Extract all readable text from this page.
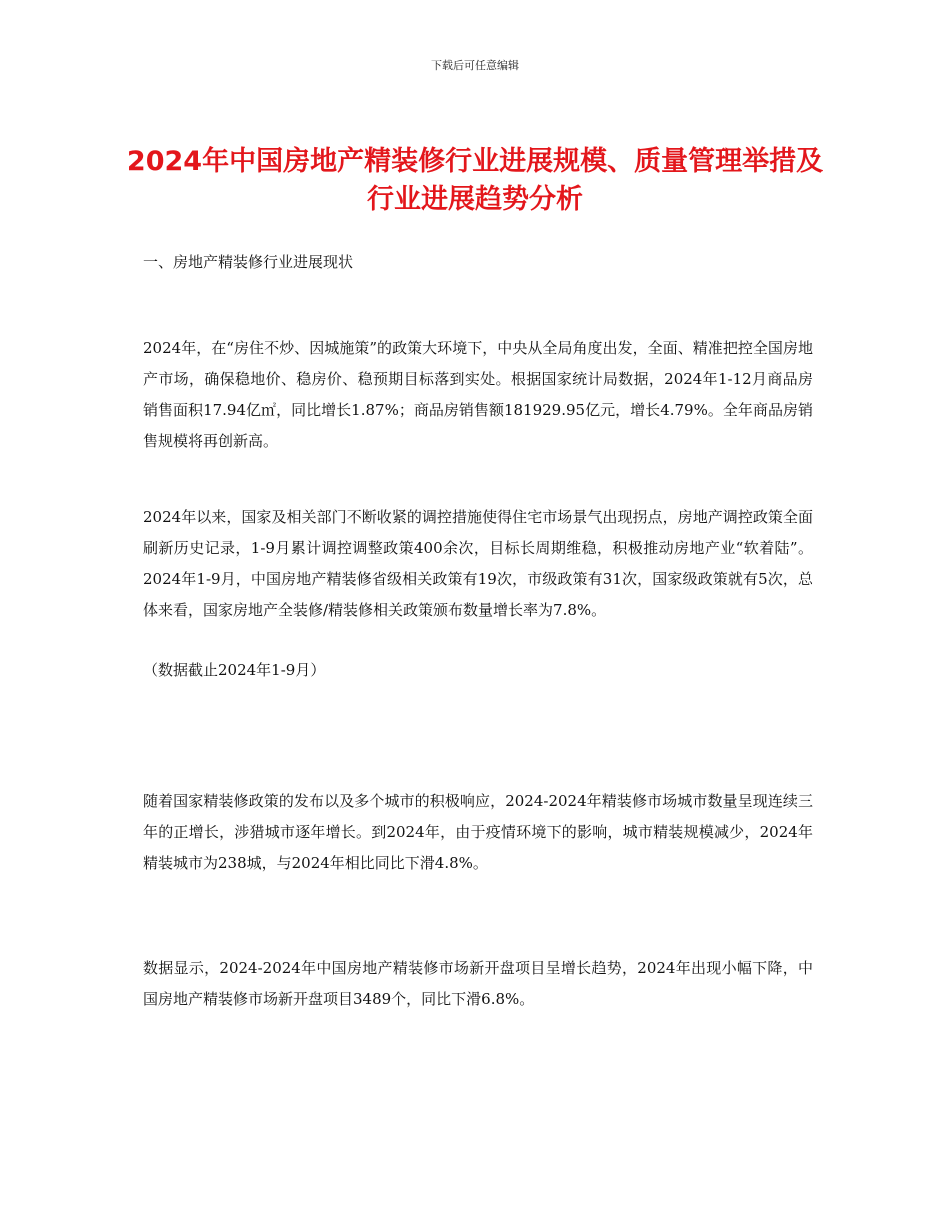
下载后可任意编辑
2024年中国房地产精装修行业进展规模、质量管理举措及行业进展趋势分析

一、房地产精装修行业进展现状

2024年，在“房住不炒、因城施策”的政策大环境下，中央从全局角度出发，全面、精准把控全国房地产市场，确保稳地价、稳房价、稳预期目标落到实处。根据国家统计局数据，2024年1-12月商品房销售面积17.94亿㎡，同比增长1.87%；商品房销售额181929.95亿元，增长4.79%。全年商品房销售规模将再创新高。

2024年以来，国家及相关部门不断收紧的调控措施使得住宅市场景气出现拐点，房地产调控政策全面刷新历史记录，1-9月累计调控调整政策400余次，目标长周期维稳，积极推动房地产业“软着陆”。2024年1-9月，中国房地产精装修省级相关政策有19次，市级政策有31次，国家级政策就有5次，总体来看，国家房地产全装修/精装修相关政策颁布数量增长率为7.8%。

（数据截止2024年1-9月）

随着国家精装修政策的发布以及多个城市的积极响应，2024-2024年精装修市场城市数量呈现连续三年的正增长，涉猎城市逐年增长。到2024年，由于疫情环境下的影响，城市精装规模减少，2024年精装城市为238城，与2024年相比同比下滑4.8%。

数据显示，2024-2024年中国房地产精装修市场新开盘项目呈增长趋势，2024年出现小幅下降，中国房地产精装修市场新开盘项目3489个，同比下滑6.8%。
